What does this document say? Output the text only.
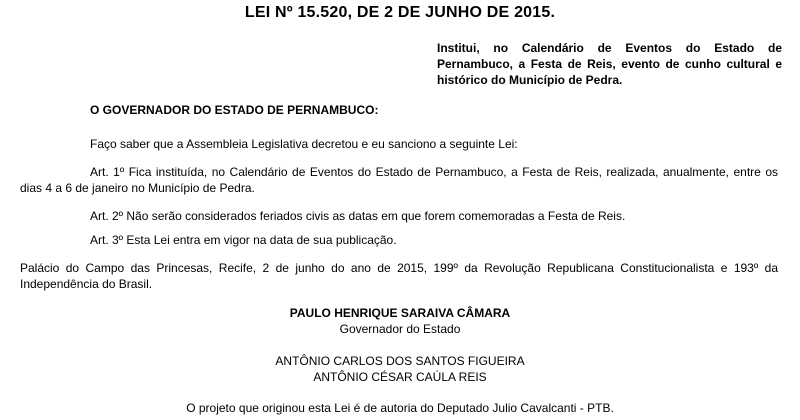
LEI Nº 15.520, DE 2 DE JUNHO DE 2015.
Institui, no Calendário de Eventos do Estado de Pernambuco, a Festa de Reis, evento de cunho cultural e histórico do Município de Pedra.
O GOVERNADOR DO ESTADO DE PERNAMBUCO:
Faço saber que a Assembleia Legislativa decretou e eu sanciono a seguinte Lei:
Art. 1º Fica instituída, no Calendário de Eventos do Estado de Pernambuco, a Festa de Reis, realizada, anualmente, entre os dias 4 a 6 de janeiro no Município de Pedra.
Art. 2º Não serão considerados feriados civis as datas em que forem comemoradas a Festa de Reis.
Art. 3º Esta Lei entra em vigor na data de sua publicação.
Palácio do Campo das Princesas, Recife, 2 de junho do ano de 2015, 199º da Revolução Republicana Constitucionalista e 193º da Independência do Brasil.
PAULO HENRIQUE SARAIVA CÂMARA
Governador do Estado
ANTÔNIO CARLOS DOS SANTOS FIGUEIRA
ANTÔNIO CÉSAR CAÚLA REIS
O projeto que originou esta Lei é de autoria do Deputado Julio Cavalcanti - PTB.
